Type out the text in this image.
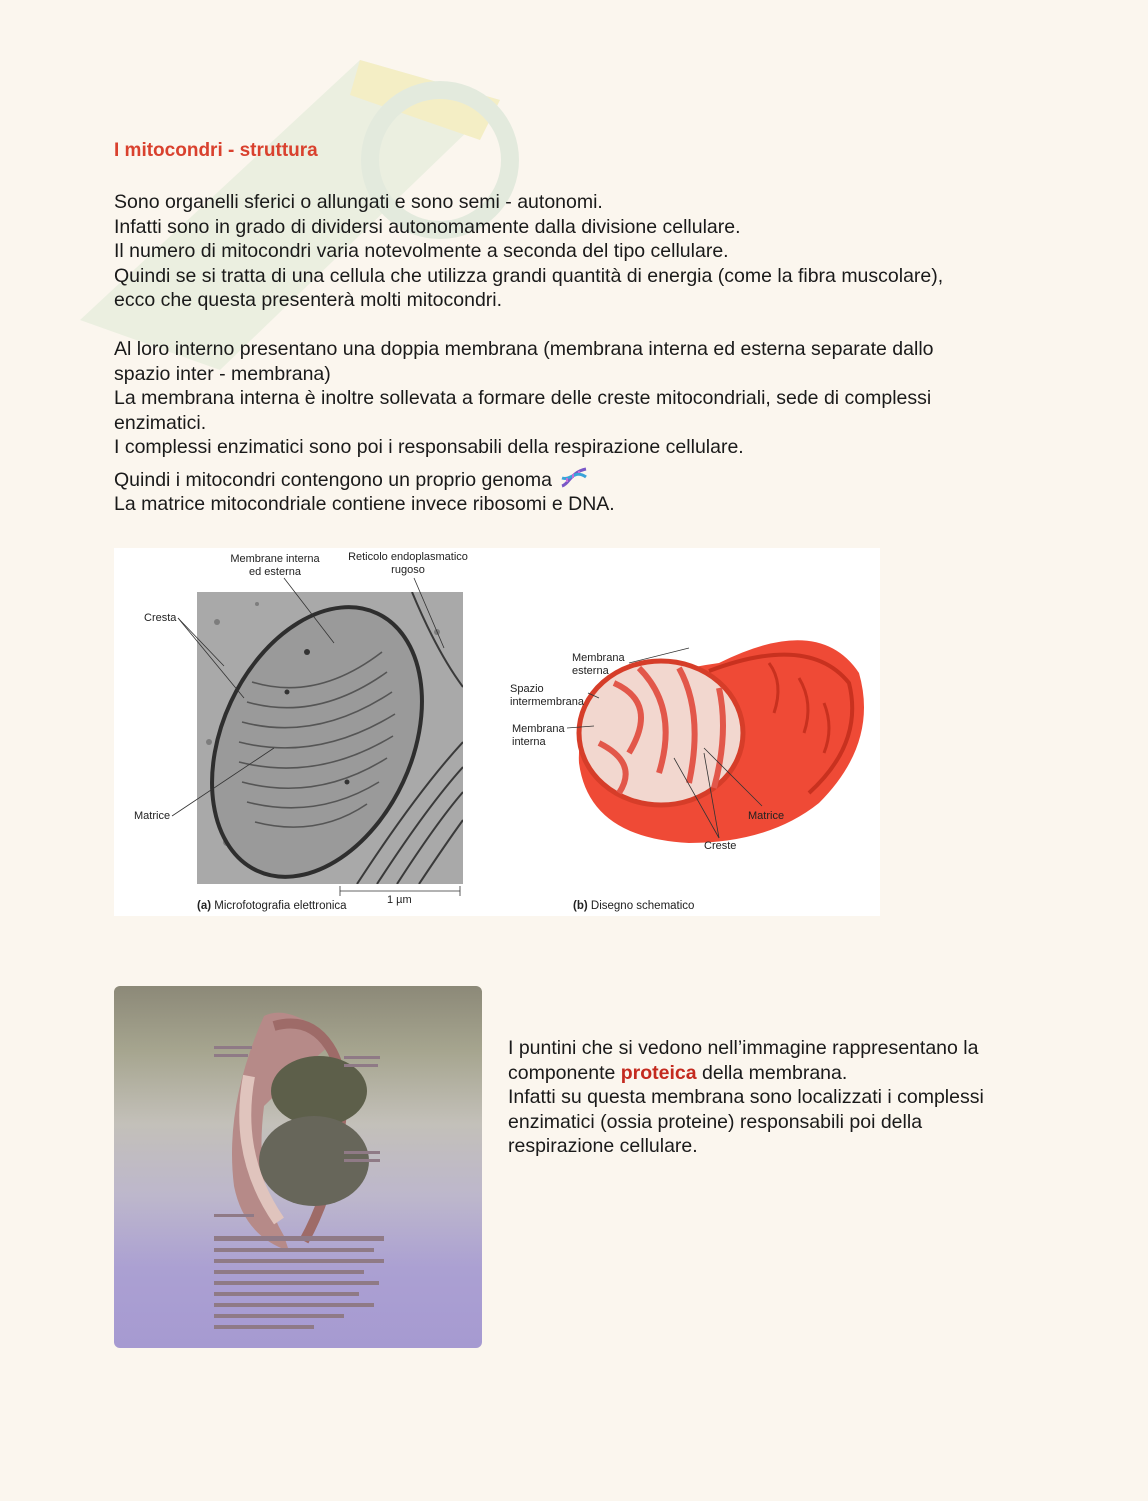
I mitocondri - struttura
Sono organelli sferici o allungati e sono semi - autonomi.
Infatti sono in grado di dividersi autonomamente dalla divisione cellulare.
Il numero di mitocondri varia notevolmente a seconda del tipo cellulare.
Quindi se si tratta di una cellula che utilizza grandi quantità di energia (come la fibra muscolare),
ecco che questa presenterà molti mitocondri.
Al loro interno presentano una doppia membrana (membrana interna ed esterna separate dallo
spazio inter - membrana)
La membrana interna è inoltre sollevata a formare delle creste mitocondriali, sede di complessi
enzimatici.
I complessi enzimatici sono poi i responsabili della respirazione cellulare.
Quindi i mitocondri contengono un proprio genoma
La matrice mitocondriale contiene invece ribosomi e DNA.
Membrane interna
ed esterna
Reticolo endoplasmatico
rugoso
Cresta
Matrice
1 µm
(a) Microfotografia elettronica
Membrana
esterna
Spazio
intermembrana
Membrana
interna
Matrice
Creste
(b) Disegno schematico
I puntini che si vedono nell’immagine rappresentano la
componente proteica della membrana.
Infatti su questa membrana sono localizzati i complessi
enzimatici (ossia proteine) responsabili poi della
respirazione cellulare.
